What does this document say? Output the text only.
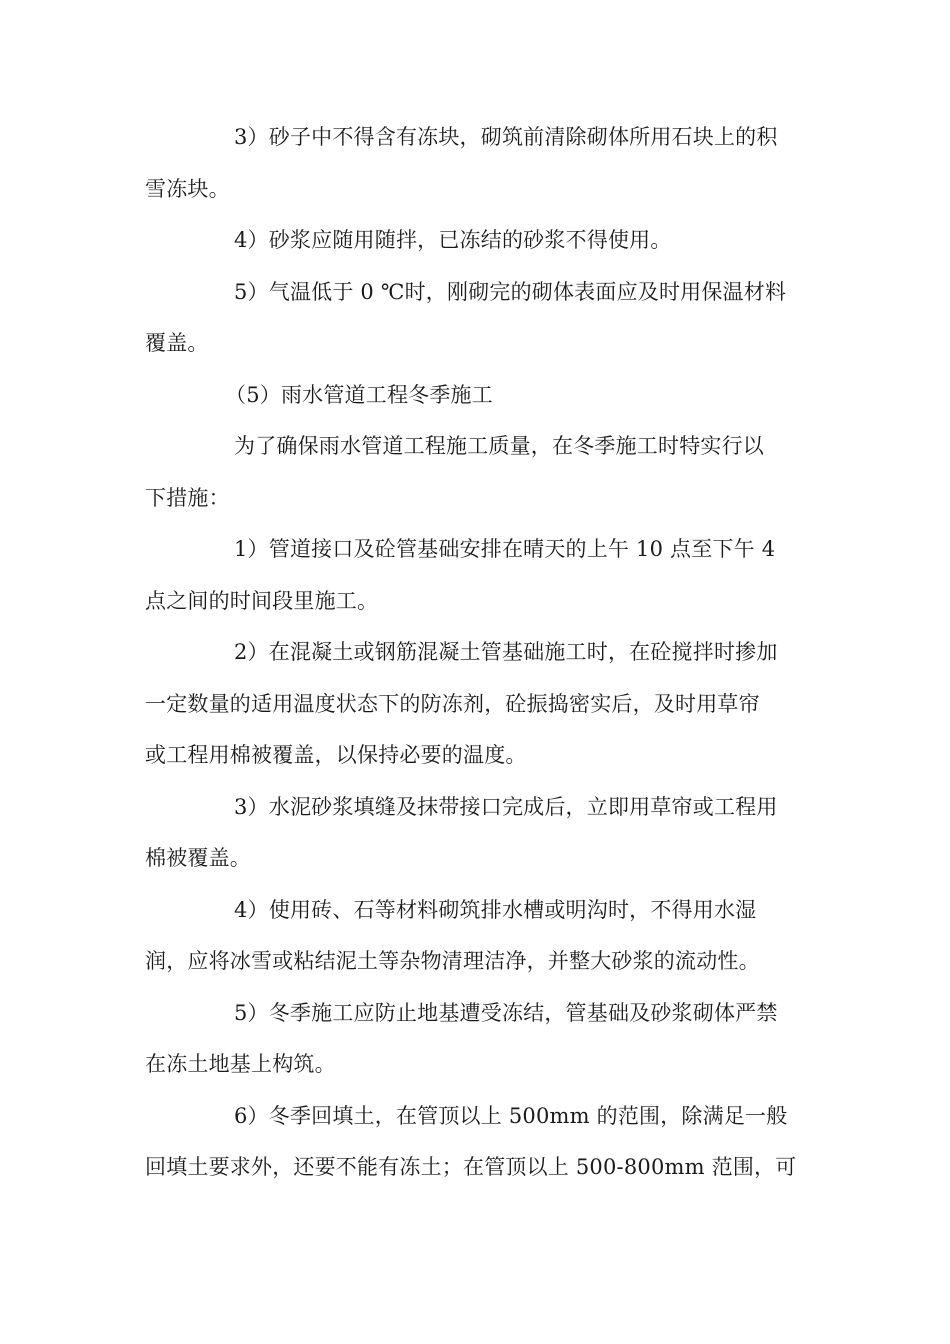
3）砂子中不得含有冻块，砌筑前清除砌体所用石块上的积
雪冻块。
4）砂浆应随用随拌，已冻结的砂浆不得使用。
5）气温低于 0 ℃时，刚砌完的砌体表面应及时用保温材料
覆盖。
（5）雨水管道工程冬季施工
为了确保雨水管道工程施工质量，在冬季施工时特实行以
下措施：
1）管道接口及砼管基础安排在晴天的上午 10 点至下午 4
点之间的时间段里施工。
2）在混凝土或钢筋混凝土管基础施工时，在砼搅拌时掺加
一定数量的适用温度状态下的防冻剂，砼振捣密实后，及时用草帘
或工程用棉被覆盖，以保持必要的温度。
3）水泥砂浆填缝及抹带接口完成后，立即用草帘或工程用
棉被覆盖。
4）使用砖、石等材料砌筑排水槽或明沟时，不得用水湿
润，应将冰雪或粘结泥土等杂物清理洁净，并整大砂浆的流动性。
5）冬季施工应防止地基遭受冻结，管基础及砂浆砌体严禁
在冻土地基上构筑。
6）冬季回填土，在管顶以上 500mm 的范围，除满足一般
回填土要求外，还要不能有冻土；在管顶以上 500-800mm 范围，可
